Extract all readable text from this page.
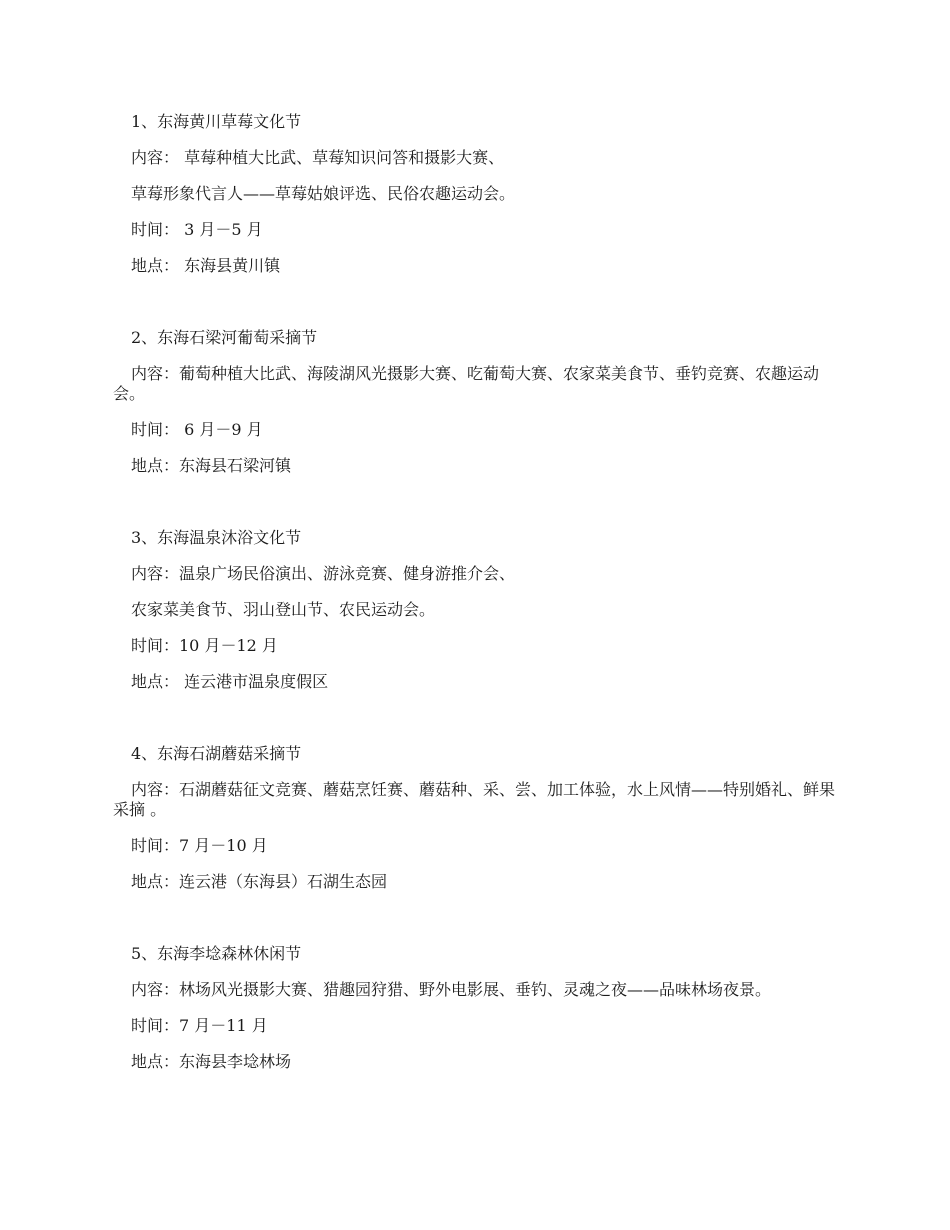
1、东海黄川草莓文化节
内容： 草莓种植大比武、草莓知识问答和摄影大赛、
草莓形象代言人——草莓姑娘评选、民俗农趣运动会。
时间： 3 月－5 月
地点： 东海县黄川镇
2、东海石梁河葡萄采摘节
内容：葡萄种植大比武、海陵湖风光摄影大赛、吃葡萄大赛、农家菜美食节、垂钓竞赛、农趣运动会。
时间： 6 月－9 月
地点：东海县石梁河镇
3、东海温泉沐浴文化节
内容：温泉广场民俗演出、游泳竞赛、健身游推介会、
农家菜美食节、羽山登山节、农民运动会。
时间：10 月－12 月
地点： 连云港市温泉度假区
4、东海石湖蘑菇采摘节
内容：石湖蘑菇征文竞赛、蘑菇烹饪赛、蘑菇种、采、尝、加工体验，水上风情——特别婚礼、鲜果采摘 。
时间：7 月－10 月
地点：连云港（东海县）石湖生态园
5、东海李埝森林休闲节
内容：林场风光摄影大赛、猎趣园狩猎、野外电影展、垂钓、灵魂之夜——品味林场夜景。
时间：7 月－11 月
地点：东海县李埝林场
